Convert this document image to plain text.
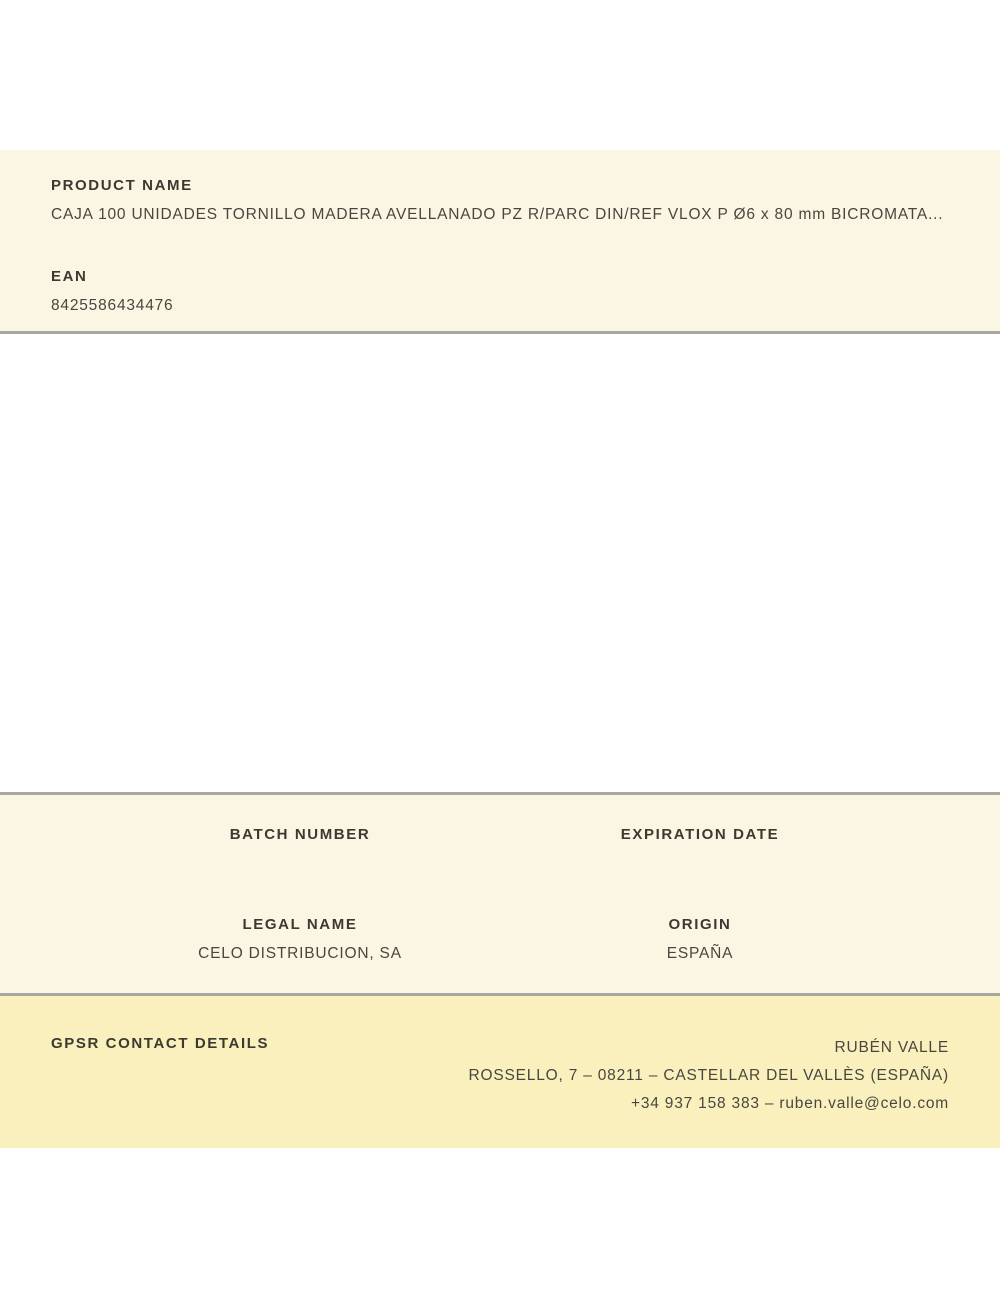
PRODUCT NAME
CAJA 100 UNIDADES TORNILLO MADERA AVELLANADO PZ R/PARC DIN/REF VLOX P Ø6 x 80 mm BICROMATA...
EAN
8425586434476
BATCH NUMBER	EXPIRATION DATE
LEGAL NAME
CELO DISTRIBUCION, SA
ORIGIN
ESPAÑA
GPSR CONTACT DETAILS	RUBÉN VALLE
ROSSELLO, 7 – 08211 – CASTELLAR DEL VALLÈS (ESPAÑA)
+34 937 158 383 – ruben.valle@celo.com
